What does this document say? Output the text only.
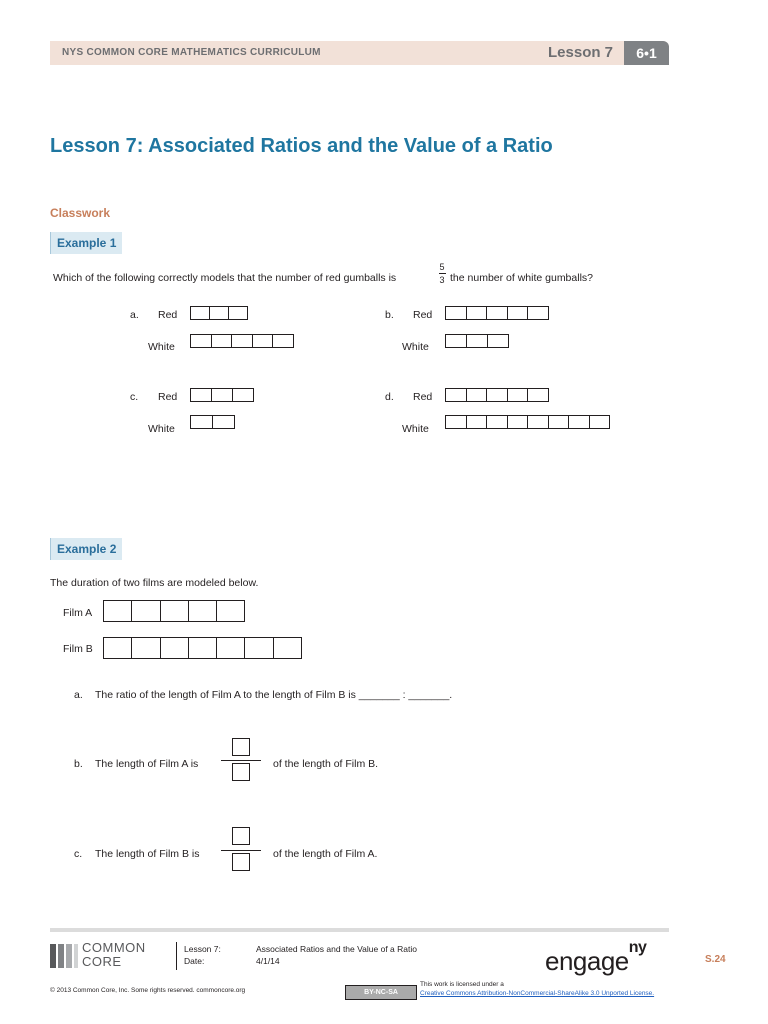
NYS COMMON CORE MATHEMATICS CURRICULUM	Lesson 7	6•1
Lesson 7: Associated Ratios and the Value of a Ratio
Classwork
Example 1
Which of the following correctly models that the number of red gumballs is
5
3 the number of white gumballs?
a. Red
White
b. Red
White
c. Red
White
d. Red
White
Example 2
The duration of two films are modeled below.
Film A
Film B
a. The ratio of the length of Film A to the length of Film B is _______ : _______.
b. The length of Film A is	of the length of Film B.
c. The length of Film B is	of the length of Film A.
COMMON
CORE
Lesson 7:	Associated Ratios and the Value of a Ratio
Date:	4/1/14	engage$^{ny}$
S.24
© 2013 Common Core, Inc. Some rights reserved. commoncore.org	BY-NC-SA
This work is licensed under a
Creative Commons Attribution-NonCommercial-ShareAlike 3.0 Unported License.
